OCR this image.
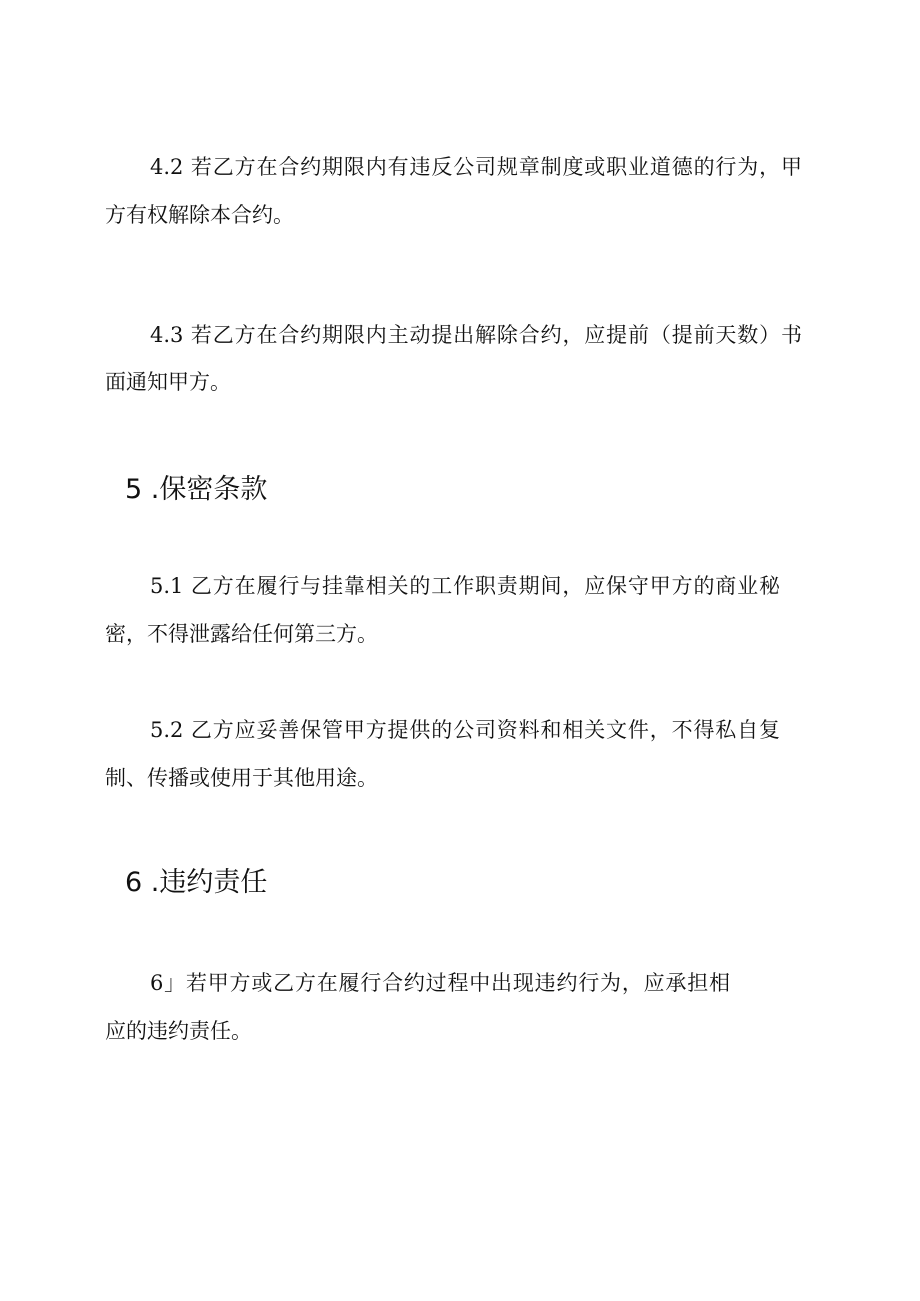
4.2 若乙方在合约期限内有违反公司规章制度或职业道德的行为，甲
方有权解除本合约。
4.3 若乙方在合约期限内主动提出解除合约，应提前（提前天数）书
面通知甲方。
5 .保密条款
5.1 乙方在履行与挂靠相关的工作职责期间，应保守甲方的商业秘
密，不得泄露给任何第三方。
5.2 乙方应妥善保管甲方提供的公司资料和相关文件，不得私自复
制、传播或使用于其他用途。
6 .违约责任
6」若甲方或乙方在履行合约过程中出现违约行为，应承担相
应的违约责任。
